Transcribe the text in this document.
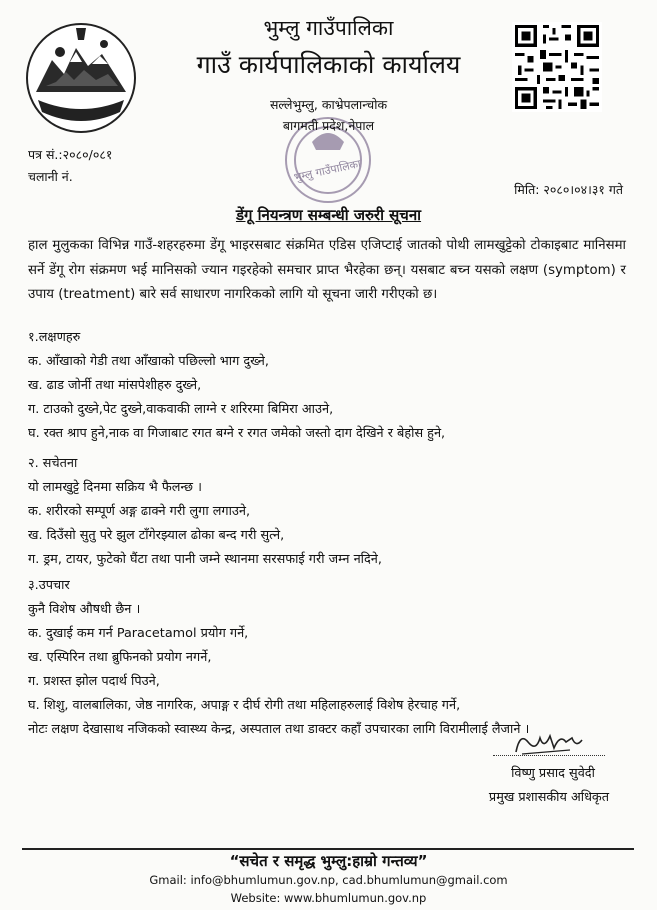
भुम्लु गाउँपालिका
भुम्लु गाउँपालिका
गाउँ कार्यपालिकाको कार्यालय
सल्लेभुम्लु, काभ्रेपलान्चोक
बागमती प्रदेश,नेपाल
पत्र सं.:२०८०/०८१
चलानी नं.
मिति: २०८०।०४।३१ गते
डेंगू नियन्त्रण सम्बन्धी जरुरी सूचना
हाल मुलुकका विभिन्न गाउँ-शहरहरुमा डेंगू भाइरसबाट संक्रमित एडिस एजिप्टाई जातको पोथी लामखुट्टेको टोकाइबाट मानिसमा सर्ने डेंगू रोग संक्रमण भई मानिसको ज्यान गइरहेको समचार प्राप्त भैरहेका छन्। यसबाट बच्न यसको लक्षण (symptom) र उपाय (treatment) बारे सर्व साधारण नागरिकको लागि यो सूचना जारी गरीएको छ।
१.लक्षणहरु
क. आँखाको गेडी तथा आँखाको पछिल्लो भाग दुख्ने,
ख. ढाड जोर्नी तथा मांसपेशीहरु दुख्ने,
ग. टाउको दुख्ने,पेट दुख्ने,वाकवाकी लाग्ने र शरिरमा बिमिरा आउने,
घ. रक्त श्राप हुने,नाक वा गिजाबाट रगत बग्ने र रगत जमेको जस्तो दाग देखिने र बेहोस हुने,
२. सचेतना
यो लामखुट्टे दिनमा सक्रिय भै फैलन्छ ।
क. शरीरको सम्पूर्ण अङ्ग ढाक्ने गरी लुगा लगाउने,
ख. दिउँसो सुतु परे झुल टाँगेरझ्याल ढोका बन्द गरी सुत्ने,
ग. ड्रम, टायर, फुटेको घैंटा तथा पानी जम्ने स्थानमा सरसफाई गरी जम्न नदिने,
३.उपचार
कुनै विशेष औषधी छैन ।
क. दुखाई कम गर्न Paracetamol प्रयोग गर्ने,
ख. एस्पिरिन तथा ब्रुफिनको प्रयोग नगर्ने,
ग. प्रशस्त झोल पदार्थ पिउने,
घ. शिशु, वालबालिका, जेष्ठ नागरिक, अपाङ्ग र दीर्घ रोगी तथा महिलाहरुलाई विशेष हेरचाह गर्ने,
नोटः लक्षण देखासाथ नजिकको स्वास्थ्य केन्द्र, अस्पताल तथा डाक्टर कहाँ उपचारका लागि विरामीलाई लैजाने ।
विष्णु प्रसाद सुवेदी
प्रमुख प्रशासकीय अधिकृत
“सचेत र समृद्ध भुम्लु:हाम्रो गन्तव्य”
Gmail: info@bhumlumun.gov.np, cad.bhumlumun@gmail.com
Website: www.bhumlumun.gov.np
